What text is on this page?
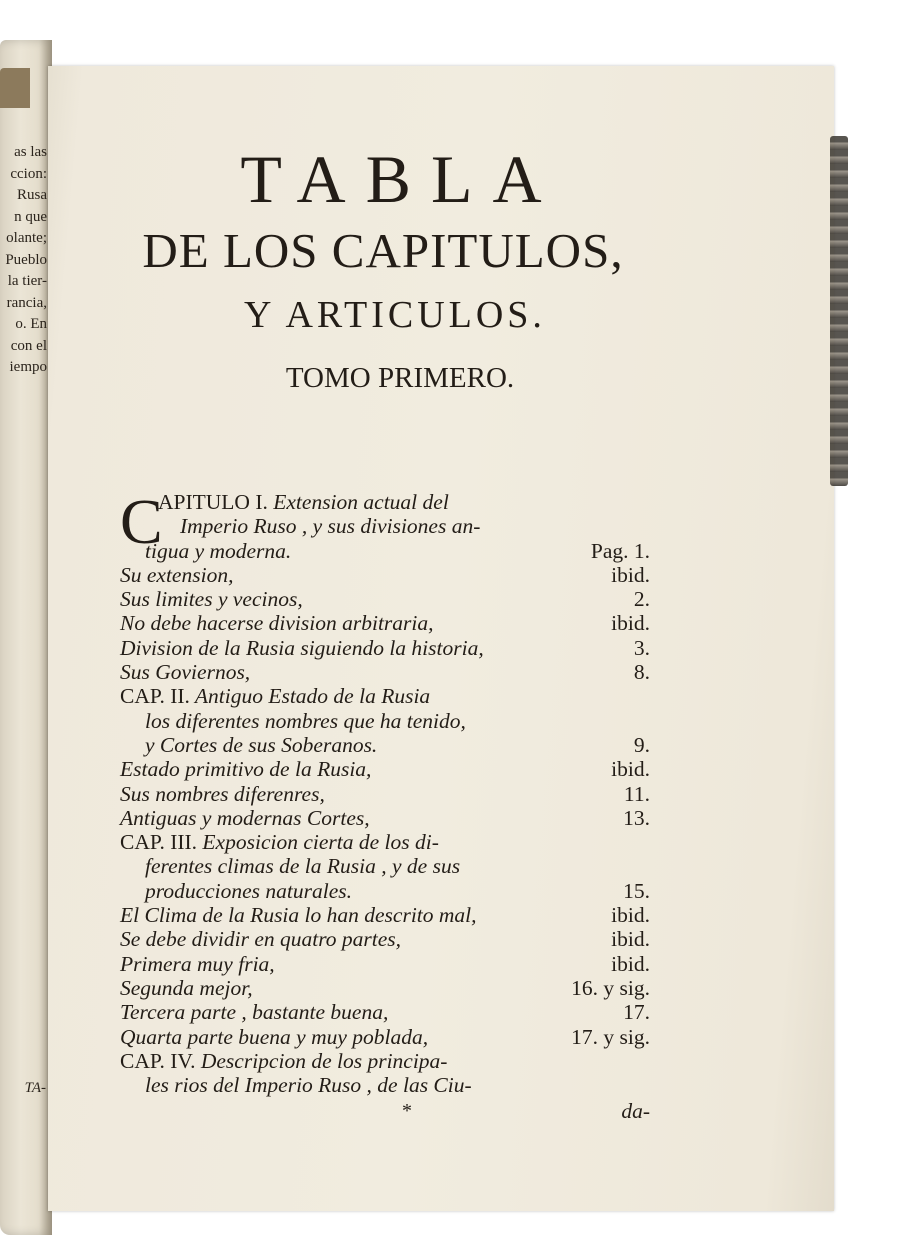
as las
ccion:
Rusa
n que
olante;
Pueblo
la tier-
rancia,
o. En
con el
iempo
TA-
TABLA
DE LOS CAPITULOS,
Y ARTICULOS.
TOMO PRIMERO.
C
APITULO I. Extension actual del
Imperio Ruso , y sus divisiones an-
tigua y moderna.	Pag. 1.
Su extension,	ibid.
Sus limites y vecinos,	2.
No debe hacerse division arbitraria,	ibid.
Division de la Rusia siguiendo la historia,	3.
Sus Goviernos,	8.
CAP. II. Antiguo Estado de la Rusia
los diferentes nombres que ha tenido,
y Cortes de sus Soberanos.	9.
Estado primitivo de la Rusia,	ibid.
Sus nombres diferenres,	11.
Antiguas y modernas Cortes,	13.
CAP. III. Exposicion cierta de los di-
ferentes climas de la Rusia , y de sus
producciones naturales.	15.
El Clima de la Rusia lo han descrito mal,	ibid.
Se debe dividir en quatro partes,	ibid.
Primera muy fria,	ibid.
Segunda mejor,	16. y sig.
Tercera parte , bastante buena,	17.
Quarta parte buena y muy poblada,	17. y sig.
CAP. IV. Descripcion de los principa-
les rios del Imperio Ruso , de las Ciu-
*	da-
